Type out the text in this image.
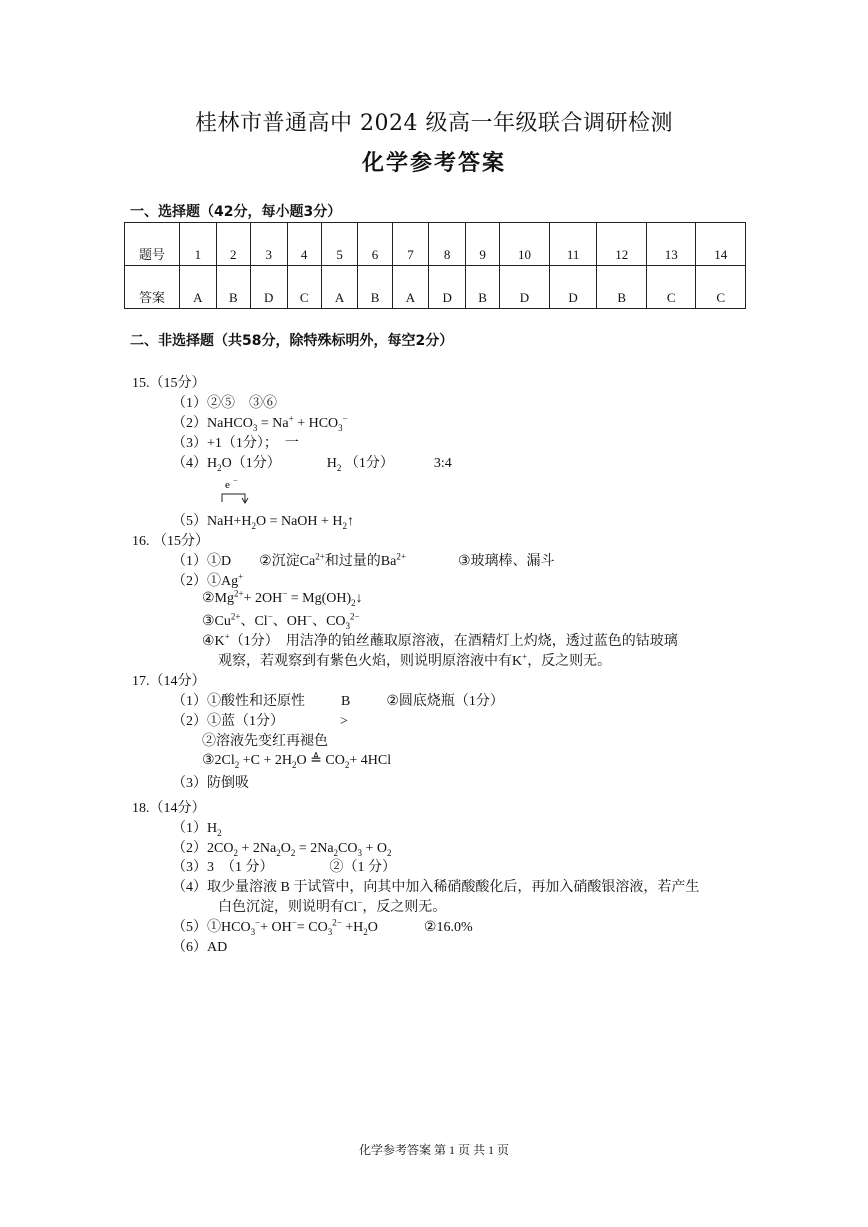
桂林市普通高中 2024 级高一年级联合调研检测
化学参考答案
一、选择题（42分，每小题3分）
题号	1	2	3	4	5	6	7	8	9	10	11	12	13	14
答案	A	B	D	C	A	B	A	D	B	D	D	B	C	C
二、非选择题（共58分，除特殊标明外，每空2分）
15.（15分）
（1）②⑤　③⑥
（2）NaHCO$_3$ = $Na^+ + HCO_3^-$
（3）+1（1分）；　一
$(4)H_2O(1$分）	$H_2$ （1分）	3:4
e −
$(5)NaH+H_2O$ = NaOH + $H_2↑$
16. （15分）
（1）①D ②沉淀$Ca^{2+}$和过量的$Ba^{2+}$	③玻璃棒、漏斗
（2）①Ag+
$②Mg^{2+}+ 2OH^-$ = $Mg(OH)_2↓$
$③Cu^{2+}$、Cl−、OH−、$CO_3^{2-}$
④K+（1分）　用洁净的铂丝蘸取原溶液，在酒精灯上灼烧，透过蓝色的钴玻璃
观察，若观察到有紫色火焰，则说明原溶液中有K+，反之则无。
17.（14分）
（1）①酸性和还原性	B	②圆底烧瓶（1分）
（2）①蓝（1分）	>
②溶液先变红再褪色
$③2Cl_2 +C + 2H_2O$ ≜ $CO_2+ 4HCl$
（3）防倒吸
18.（14分）
$(1)H_2$
$(2)2CO_2 + 2Na_2O_2 = 2Na_2CO_3 + O_2$
（3）3　（1 分）	②（1 分）
（4）取少量溶液 B 于试管中，向其中加入稀硝酸酸化后，再加入硝酸银溶液，若产生
白色沉淀，则说明有Cl−，反之则无。
$(5)①HCO_3^-+ OH^-= CO_3^{2-} +H_2O$	②16.0%
（6）AD
化学参考答案 第 1 页 共 1 页
